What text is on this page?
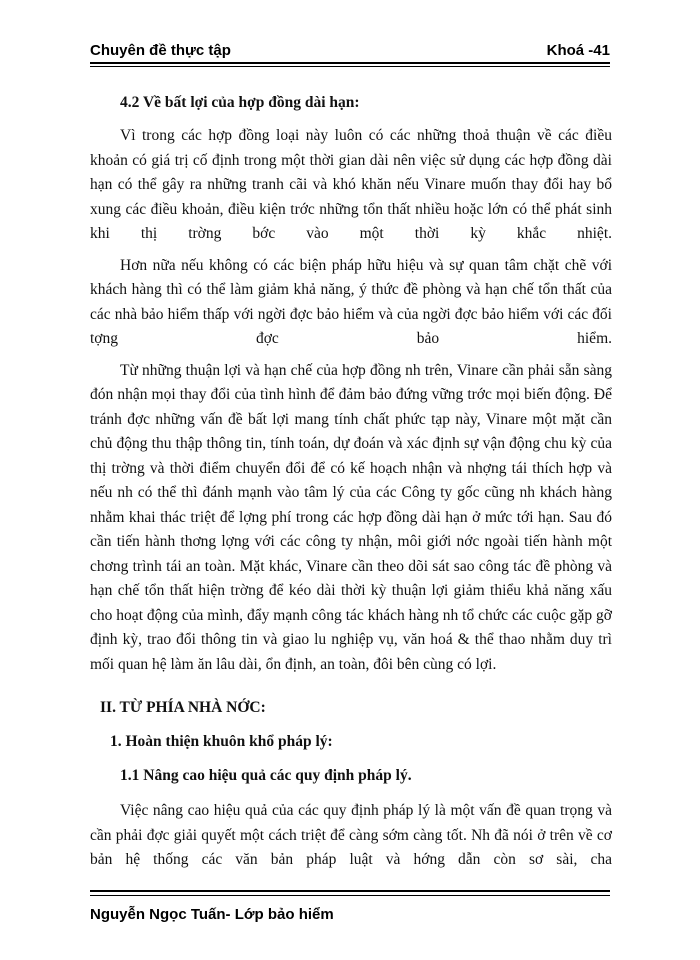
Chuyên đề thực tập	Khoá -41

4.2 Về bất lợi của hợp đồng dài hạn:

Vì trong các hợp đồng loại này luôn có các những thoả thuận về các điều khoản có giá trị cố định trong một thời gian dài nên việc sử dụng các hợp đồng dài hạn có thể gây ra những tranh cãi và khó khăn nếu Vinare muốn thay đổi hay bổ xung các điều khoản, điều kiện trớc những tổn thất nhiều hoặc lớn có thể phát sinh khi thị trờng bớc vào một thời kỳ khắc nhiệt.

Hơn nữa nếu không có các biện pháp hữu hiệu và sự quan tâm chặt chẽ với khách hàng thì có thể làm giảm khả năng, ý thức đề phòng và hạn chế tổn thất của các nhà bảo hiểm thấp với ngời đợc bảo hiểm và của ngời đợc bảo hiểm với các đối tợng đợc bảo hiểm.

Từ những thuận lợi và hạn chế của hợp đồng nh trên, Vinare cần phải sẵn sàng đón nhận mọi thay đổi của tình hình để đảm bảo đứng vững trớc mọi biến động. Để tránh đợc những vấn đề bất lợi mang tính chất phức tạp này, Vinare một mặt cần chủ động thu thập thông tin, tính toán, dự đoán và xác định sự vận động chu kỳ của thị trờng và thời điểm chuyển đổi để có kế hoạch nhận và nhợng tái thích hợp và nếu nh có thể thì đánh mạnh vào tâm lý của các Công ty gốc cũng nh khách hàng nhằm khai thác triệt để lợng phí trong các hợp đồng dài hạn ở mức tới hạn. Sau đó cần tiến hành thơng lợng với các công ty nhận, môi giới nớc ngoài tiến hành một chơng trình tái an toàn. Mặt khác, Vinare cần theo dõi sát sao công tác đề phòng và hạn chế tổn thất hiện trờng để kéo dài thời kỳ thuận lợi giảm thiểu khả năng xấu cho hoạt động của mình, đẩy mạnh công tác khách hàng nh tổ chức các cuộc gặp gỡ định kỳ, trao đổi thông tin và giao lu nghiệp vụ, văn hoá & thể thao nhằm duy trì mối quan hệ làm ăn lâu dài, ổn định, an toàn, đôi bên cùng có lợi.

II. TỪ PHÍA NHÀ NỚC:

1. Hoàn thiện khuôn khổ pháp lý:

1.1 Nâng cao hiệu quả các quy định pháp lý.

Việc nâng cao hiệu quả của các quy định pháp lý là một vấn đề quan trọng và cần phải đợc giải quyết một cách triệt để càng sớm càng tốt. Nh đã nói ở trên về cơ bản hệ thống các văn bản pháp luật và hớng dẫn còn sơ sài, cha

Nguyễn Ngọc Tuấn- Lớp bảo hiểm
